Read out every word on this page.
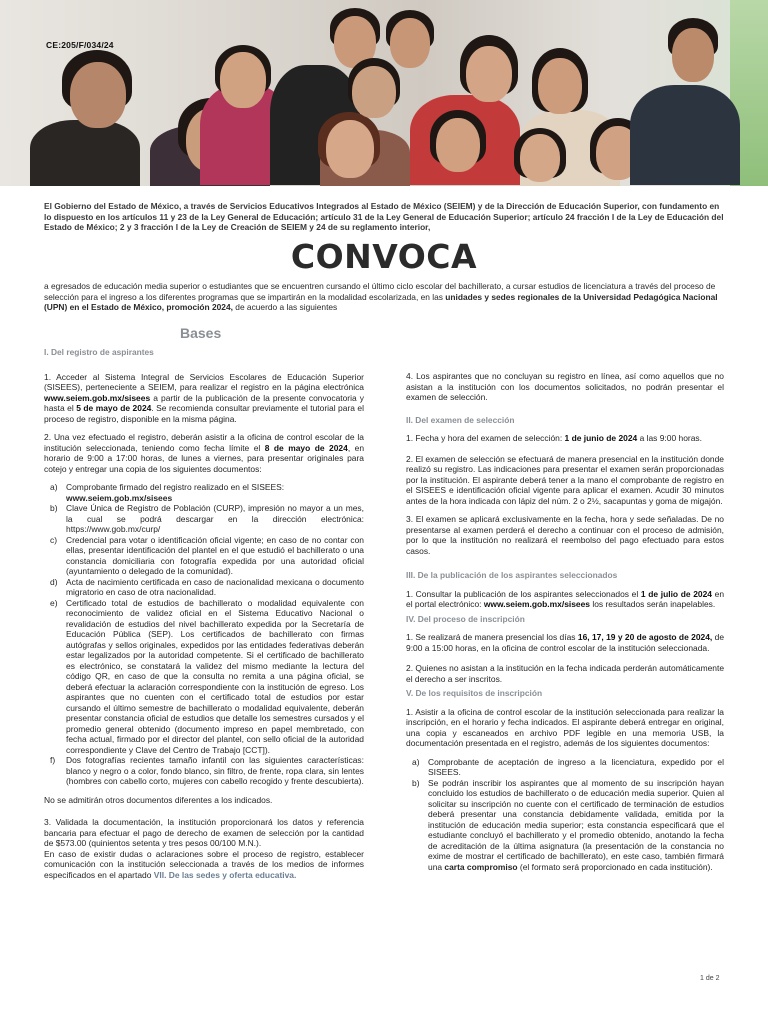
CE:205/F/034/24
El Gobierno del Estado de México, a través de Servicios Educativos Integrados al Estado de México (SEIEM) y de la Dirección de Educación Superior, con fundamento en lo dispuesto en los artículos 11 y 23 de la Ley General de Educación; artículo 31 de la Ley General de Educación Superior; artículo 24 fracción I de la Ley de Educación del Estado de México; 2 y 3 fracción I de la Ley de Creación de SEIEM y 24 de su reglamento interior,
CONVOCA
a egresados de educación media superior o estudiantes que se encuentren cursando el último ciclo escolar del bachillerato, a cursar estudios de licenciatura a través del proceso de selección para el ingreso a los diferentes programas que se impartirán en la modalidad escolarizada, en las unidades y sedes regionales de la Universidad Pedagógica Nacional (UPN) en el Estado de México, promoción 2024, de acuerdo a las siguientes
Bases
I. Del registro de aspirantes
1. Acceder al Sistema Integral de Servicios Escolares de Educación Superior (SISEES), perteneciente a SEIEM, para realizar el registro en la página electrónica www.seiem.gob.mx/sisees a partir de la publicación de la presente convocatoria y hasta el 5 de mayo de 2024. Se recomienda consultar previamente el tutorial para el proceso de registro, disponible en la misma página.
2. Una vez efectuado el registro, deberán asistir a la oficina de control escolar de la institución seleccionada, teniendo como fecha límite el 8 de mayo de 2024, en horario de 9:00 a 17:00 horas, de lunes a viernes, para presentar originales para cotejo y entregar una copia de los siguientes documentos:
a) Comprobante firmado del registro realizado en el SISEES:
www.seiem.gob.mx/sisees
b) Clave Única de Registro de Población (CURP), impresión no mayor a un mes, la cual se podrá descargar en la dirección electrónica: https://www.gob.mx/curp/
c) Credencial para votar o identificación oficial vigente; en caso de no contar con ellas, presentar identificación del plantel en el que estudió el bachillerato o una constancia domiciliaria con fotografía expedida por una autoridad oficial (ayuntamiento o delegado de la comunidad).
d) Acta de nacimiento certificada en caso de nacionalidad mexicana o documento migratorio en caso de otra nacionalidad.
e) Certificado total de estudios de bachillerato o modalidad equivalente con reconocimiento de validez oficial en el Sistema Educativo Nacional o revalidación de estudios del nivel bachillerato expedida por la Secretaría de Educación Pública (SEP). Los certificados de bachillerato con firmas autógrafas y sellos originales, expedidos por las entidades federativas deberán estar legalizados por la autoridad competente. Si el certificado de bachillerato es electrónico, se constatará la validez del mismo mediante la lectura del código QR, en caso de que la consulta no remita a una página oficial, se deberá efectuar la aclaración correspondiente con la institución de egreso. Los aspirantes que no cuenten con el certificado total de estudios por estar cursando el último semestre de bachillerato o modalidad equivalente, deberán presentar constancia oficial de estudios que detalle los semestres cursados y el promedio general obtenido (documento impreso en papel membretado, con fecha actual, firmado por el director del plantel, con sello oficial de la autoridad correspondiente y Clave del Centro de Trabajo [CCT]).
f) Dos fotografías recientes tamaño infantil con las siguientes características: blanco y negro o a color, fondo blanco, sin filtro, de frente, ropa clara, sin lentes (hombres con cabello corto, mujeres con cabello recogido y frente descubierta).
No se admitirán otros documentos diferentes a los indicados.
3. Validada la documentación, la institución proporcionará los datos y referencia bancaria para efectuar el pago de derecho de examen de selección por la cantidad de $573.00 (quinientos setenta y tres pesos 00/100 M.N.).
En caso de existir dudas o aclaraciones sobre el proceso de registro, establecer comunicación con la institución seleccionada a través de los medios de informes especificados en el apartado VII. De las sedes y oferta educativa.
4. Los aspirantes que no concluyan su registro en línea, así como aquellos que no asistan a la institución con los documentos solicitados, no podrán presentar el examen de selección.
II. Del examen de selección
1. Fecha y hora del examen de selección: 1 de junio de 2024 a las 9:00 horas.
2. El examen de selección se efectuará de manera presencial en la institución donde realizó su registro. Las indicaciones para presentar el examen serán proporcionadas por la institución. El aspirante deberá tener a la mano el comprobante de registro en el SISEES e identificación oficial vigente para aplicar el examen. Acudir 30 minutos antes de la hora indicada con lápiz del núm. 2 o 2½, sacapuntas y goma de migajón.
3. El examen se aplicará exclusivamente en la fecha, hora y sede señaladas. De no presentarse al examen perderá el derecho a continuar con el proceso de admisión, por lo que la institución no realizará el reembolso del pago efectuado para estos casos.
III. De la publicación de los aspirantes seleccionados
1. Consultar la publicación de los aspirantes seleccionados el 1 de julio de 2024 en el portal electrónico: www.seiem.gob.mx/sisees los resultados serán inapelables.
IV. Del proceso de inscripción
1. Se realizará de manera presencial los días 16, 17, 19 y 20 de agosto de 2024, de 9:00 a 15:00 horas, en la oficina de control escolar de la institución seleccionada.
2. Quienes no asistan a la institución en la fecha indicada perderán automáticamente el derecho a ser inscritos.
V. De los requisitos de inscripción
1. Asistir a la oficina de control escolar de la institución seleccionada para realizar la inscripción, en el horario y fecha indicados. El aspirante deberá entregar en original, una copia y escaneados en archivo PDF legible en una memoria USB, la documentación presentada en el registro, además de los siguientes documentos:
a) Comprobante de aceptación de ingreso a la licenciatura, expedido por el SISEES.
b) Se podrán inscribir los aspirantes que al momento de su inscripción hayan concluido los estudios de bachillerato o de educación media superior. Quien al solicitar su inscripción no cuente con el certificado de terminación de estudios deberá presentar una constancia debidamente validada, emitida por la institución de educación media superior; esta constancia especificará que el estudiante concluyó el bachillerato y el promedio obtenido, anotando la fecha de acreditación de la última asignatura (la presentación de la constancia no exime de mostrar el certificado de bachillerato), en este caso, también firmará una carta compromiso (el formato será proporcionado en cada institución).
1 de 2
